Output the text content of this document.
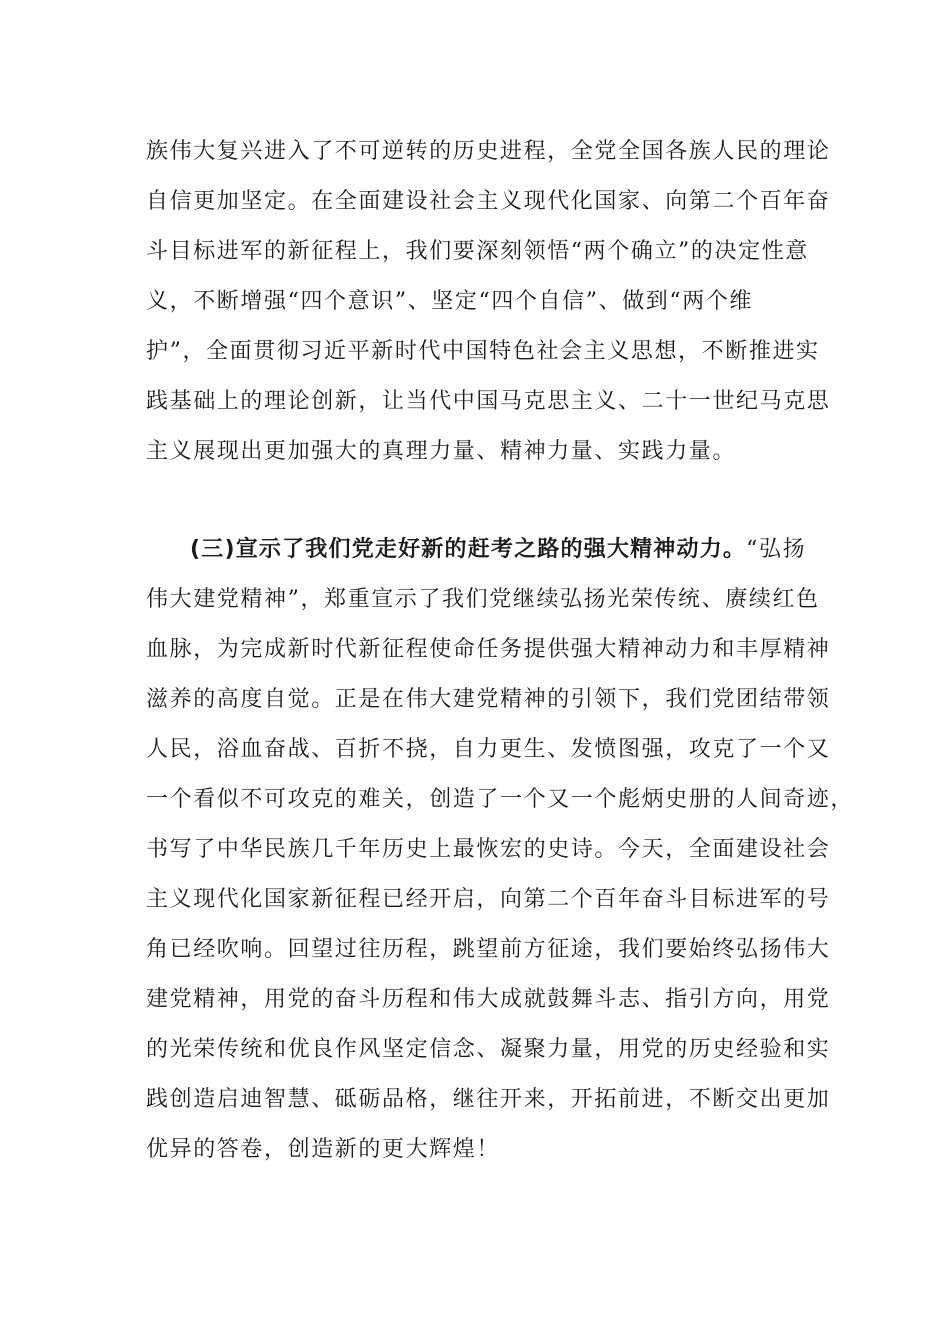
族伟大复兴进入了不可逆转的历史进程，全党全国各族人民的理论
自信更加坚定。在全面建设社会主义现代化国家、向第二个百年奋
斗目标进军的新征程上，我们要深刻领悟“两个确立”的决定性意
义，不断增强“四个意识”、坚定“四个自信”、做到“两个维
护”，全面贯彻习近平新时代中国特色社会主义思想，不断推进实
践基础上的理论创新，让当代中国马克思主义、二十一世纪马克思
主义展现出更加强大的真理力量、精神力量、实践力量。
(三)宣示了我们党走好新的赶考之路的强大精神动力。“弘扬
伟大建党精神”，郑重宣示了我们党继续弘扬光荣传统、赓续红色
血脉，为完成新时代新征程使命任务提供强大精神动力和丰厚精神
滋养的高度自觉。正是在伟大建党精神的引领下，我们党团结带领
人民，浴血奋战、百折不挠，自力更生、发愤图强，攻克了一个又
一个看似不可攻克的难关，创造了一个又一个彪炳史册的人间奇迹，
书写了中华民族几千年历史上最恢宏的史诗。今天，全面建设社会
主义现代化国家新征程已经开启，向第二个百年奋斗目标进军的号
角已经吹响。回望过往历程，跳望前方征途，我们要始终弘扬伟大
建党精神，用党的奋斗历程和伟大成就鼓舞斗志、指引方向，用党
的光荣传统和优良作风坚定信念、凝聚力量，用党的历史经验和实
践创造启迪智慧、砥砺品格，继往开来，开拓前进，不断交出更加
优异的答卷，创造新的更大辉煌！
